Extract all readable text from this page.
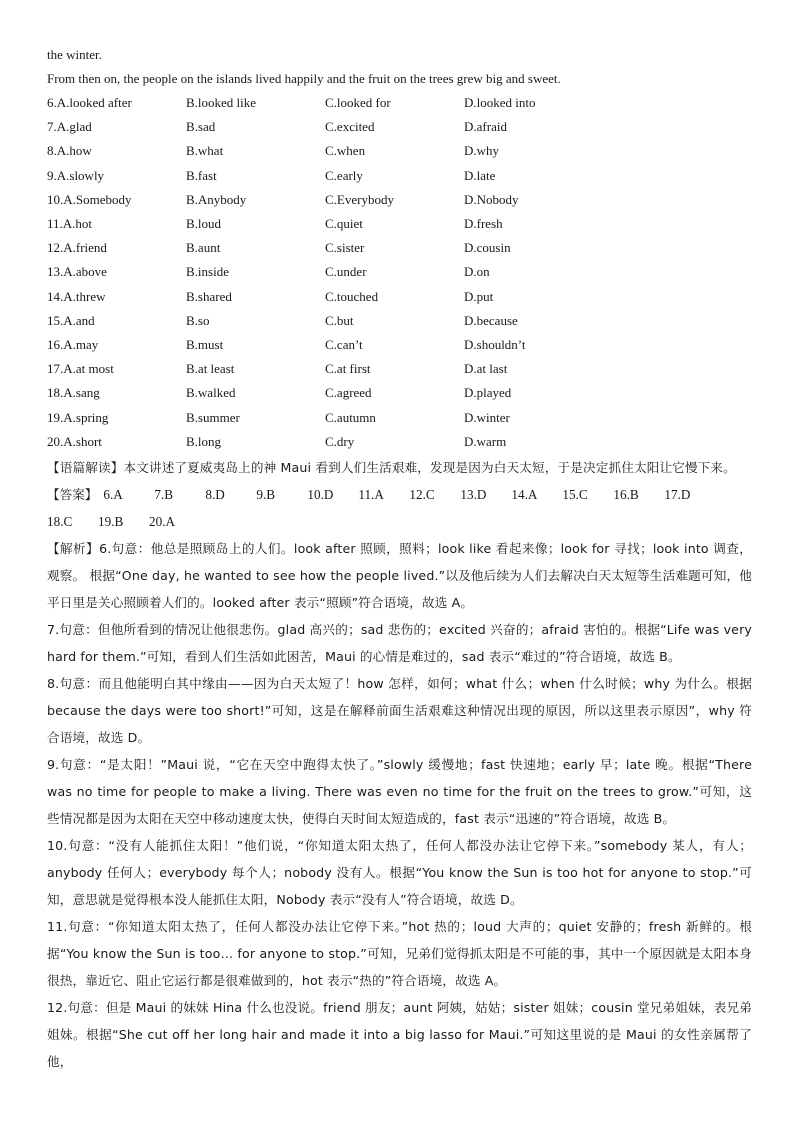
the winter.
From then on, the people on the islands lived happily and the fruit on the trees grew big and sweet.
6.A.looked after	B.looked like	C.looked for	D.looked into
7.A.glad	B.sad	C.excited	D.afraid
8.A.how	B.what	C.when	D.why
9.A.slowly	B.fast	C.early	D.late
10.A.Somebody	B.Anybody	C.Everybody	D.Nobody
11.A.hot	B.loud	C.quiet	D.fresh
12.A.friend	B.aunt	C.sister	D.cousin
13.A.above	B.inside	C.under	D.on
14.A.threw	B.shared	C.touched	D.put
15.A.and	B.so	C.but	D.because
16.A.may	B.must	C.can’t	D.shouldn’t
17.A.at most	B.at least	C.at first	D.at last
18.A.sang	B.walked	C.agreed	D.played
19.A.spring	B.summer	C.autumn	D.winter
20.A.short	B.long	C.dry	D.warm

【语篇解读】本文讲述了夏威夷岛上的神 Maui 看到人们生活艰难，发现是因为白天太短，于是决定抓住太阳让它慢下来。

【答案】 6.A	7.B	8.D	9.B	10.D	11.A	12.C	13.D	14.A	15.C	16.B	17.D
18.C	19.B	20.A

【解析】6.句意：他总是照顾岛上的人们。look after 照顾，照料；look like 看起来像；look for 寻找；look into 调查，观察。 根据“One day, he wanted to see how the people lived.”以及他后续为人们去解决白天太短等生活难题可知，他平日里是关心照顾着人们的。looked after 表示“照顾”符合语境，故选 A。

7.句意：但他所看到的情况让他很悲伤。glad 高兴的；sad 悲伤的；excited 兴奋的；afraid 害怕的。根据“Life was very hard for them.”可知，看到人们生活如此困苦，Maui 的心情是难过的，sad 表示“难过的”符合语境，故选 B。

8.句意：而且他能明白其中缘由——因为白天太短了！how 怎样，如何；what 什么；when 什么时候；why 为什么。根据because the days were too short!”可知，这是在解释前面生活艰难这种情况出现的原因，所以这里表示原因”，why 符合语境，故选 D。

9.句意：“是太阳！”Maui 说，“它在天空中跑得太快了。”slowly 缓慢地；fast 快速地；early 早；late 晚。根据“There was no time for people to make a living. There was even no time for the fruit on the trees to grow.”可知，这些情况都是因为太阳在天空中移动速度太快，使得白天时间太短造成的，fast 表示“迅速的”符合语境，故选 B。

10.句意：“没有人能抓住太阳！”他们说，“你知道太阳太热了，任何人都没办法让它停下来。”somebody 某人，有人；anybody 任何人；everybody 每个人；nobody 没有人。根据“You know the Sun is too hot for anyone to stop.”可知，意思就是觉得根本没人能抓住太阳，Nobody 表示“没有人”符合语境，故选 D。

11.句意：“你知道太阳太热了，任何人都没办法让它停下来。”hot 热的；loud 大声的；quiet 安静的；fresh 新鲜的。根据“You know the Sun is too… for anyone to stop.”可知，兄弟们觉得抓太阳是不可能的事，其中一个原因就是太阳本身很热，靠近它、阻止它运行都是很难做到的，hot 表示“热的”符合语境，故选 A。

12.句意：但是 Maui 的妹妹 Hina 什么也没说。friend 朋友；aunt 阿姨，姑姑；sister 姐妹；cousin 堂兄弟姐妹，表兄弟姐妹。根据“She cut off her long hair and made it into a big lasso for Maui.”可知这里说的是 Maui 的女性亲属帮了他，
